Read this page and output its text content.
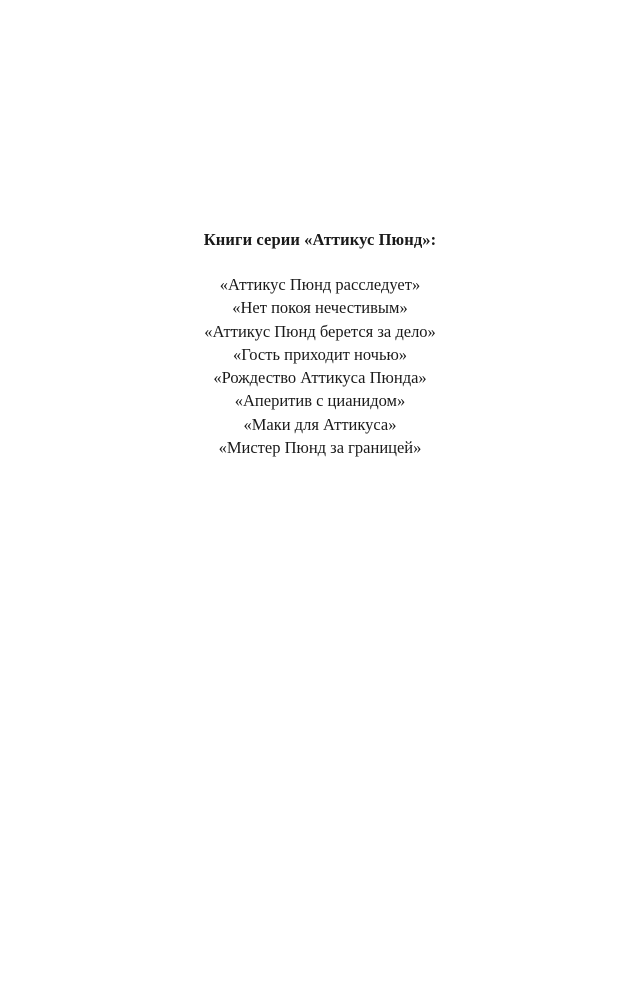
Книги серии «Аттикус Пюнд»:
«Аттикус Пюнд расследует»
«Нет покоя нечестивым»
«Аттикус Пюнд берется за дело»
«Гость приходит ночью»
«Рождество Аттикуса Пюнда»
«Аперитив с цианидом»
«Маки для Аттикуса»
«Мистер Пюнд за границей»
